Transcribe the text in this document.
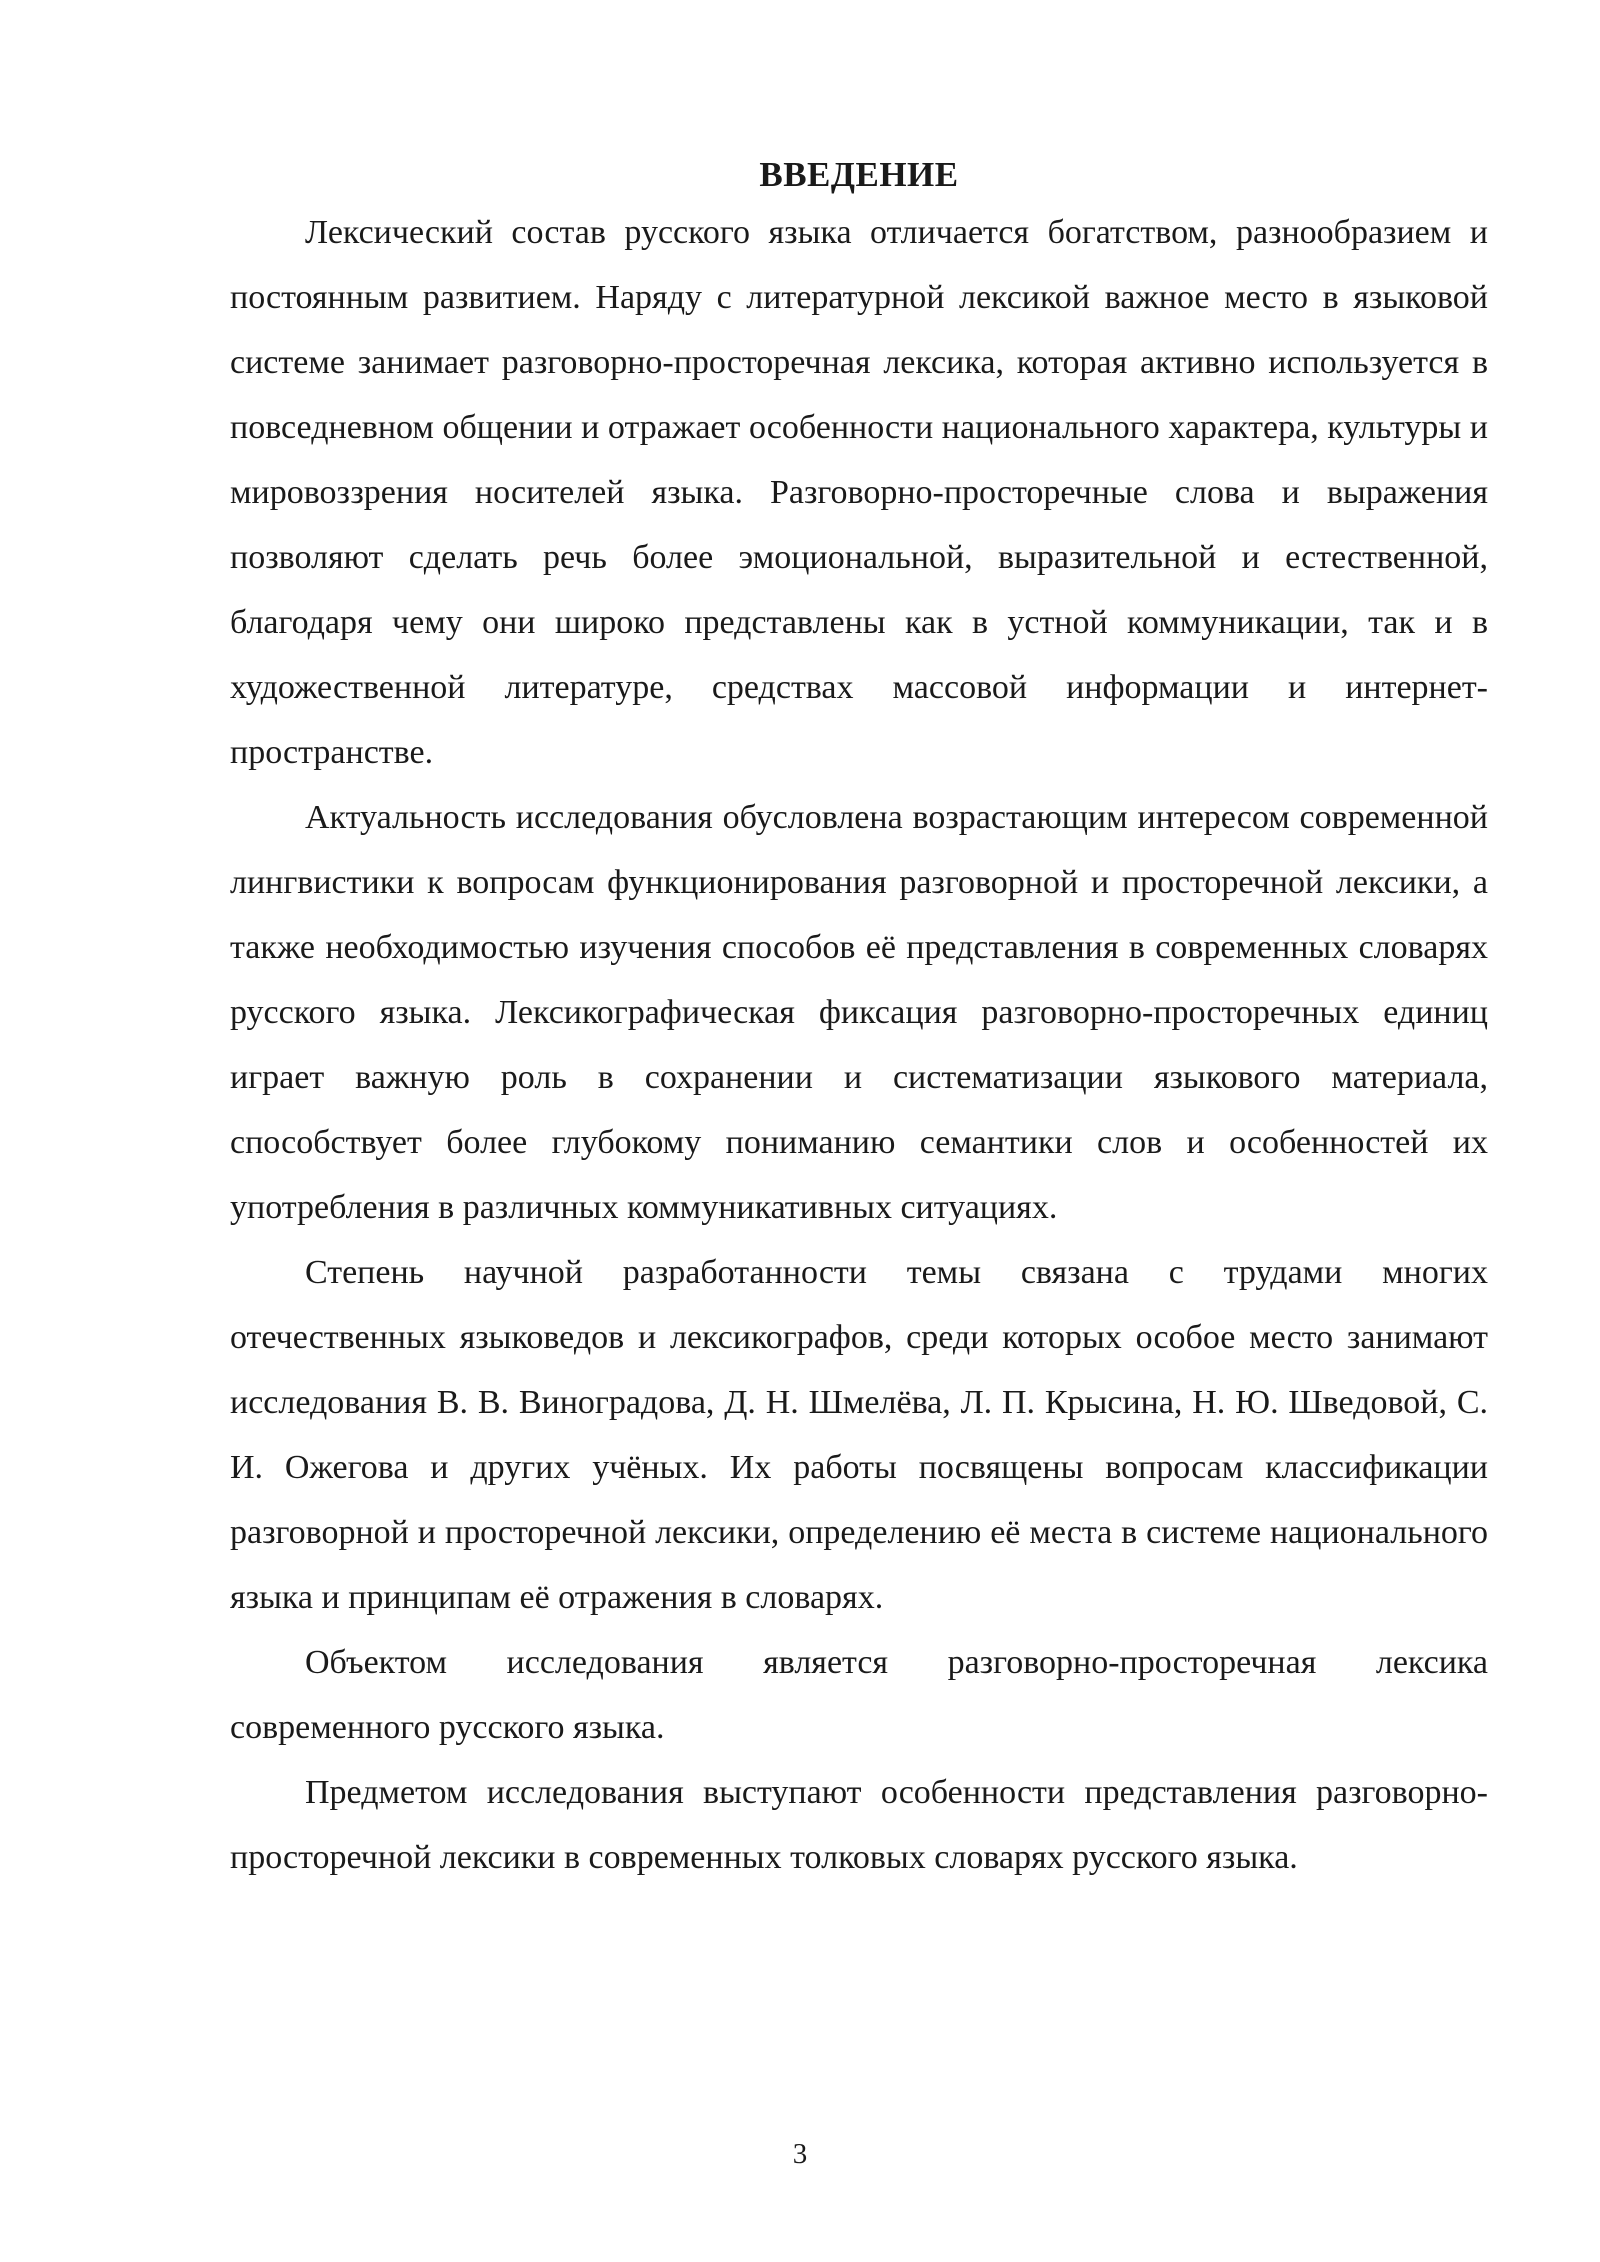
ВВЕДЕНИЕ

Лексический состав русского языка отличается богатством, разнообразием и постоянным развитием. Наряду с литературной лексикой важное место в языковой системе занимает разговорно-просторечная лексика, которая активно используется в повседневном общении и отражает особенности национального характера, культуры и мировоззрения носителей языка. Разговорно-просторечные слова и выражения позволяют сделать речь более эмоциональной, выразительной и естественной, благодаря чему они широко представлены как в устной коммуникации, так и в художественной литературе, средствах массовой информации и интернет-пространстве.

Актуальность исследования обусловлена возрастающим интересом современной лингвистики к вопросам функционирования разговорной и просторечной лексики, а также необходимостью изучения способов её представления в современных словарях русского языка. Лексикографическая фиксация разговорно-просторечных единиц играет важную роль в сохранении и систематизации языкового материала, способствует более глубокому пониманию семантики слов и особенностей их употребления в различных коммуникативных ситуациях.

Степень научной разработанности темы связана с трудами многих отечественных языковедов и лексикографов, среди которых особое место занимают исследования В. В. Виноградова, Д. Н. Шмелёва, Л. П. Крысина, Н. Ю. Шведовой, С. И. Ожегова и других учёных. Их работы посвящены вопросам классификации разговорной и просторечной лексики, определению её места в системе национального языка и принципам её отражения в словарях.

Объектом исследования является разговорно-просторечная лексика современного русского языка.

Предметом исследования выступают особенности представления разговорно-просторечной лексики в современных толковых словарях русского языка.

3
